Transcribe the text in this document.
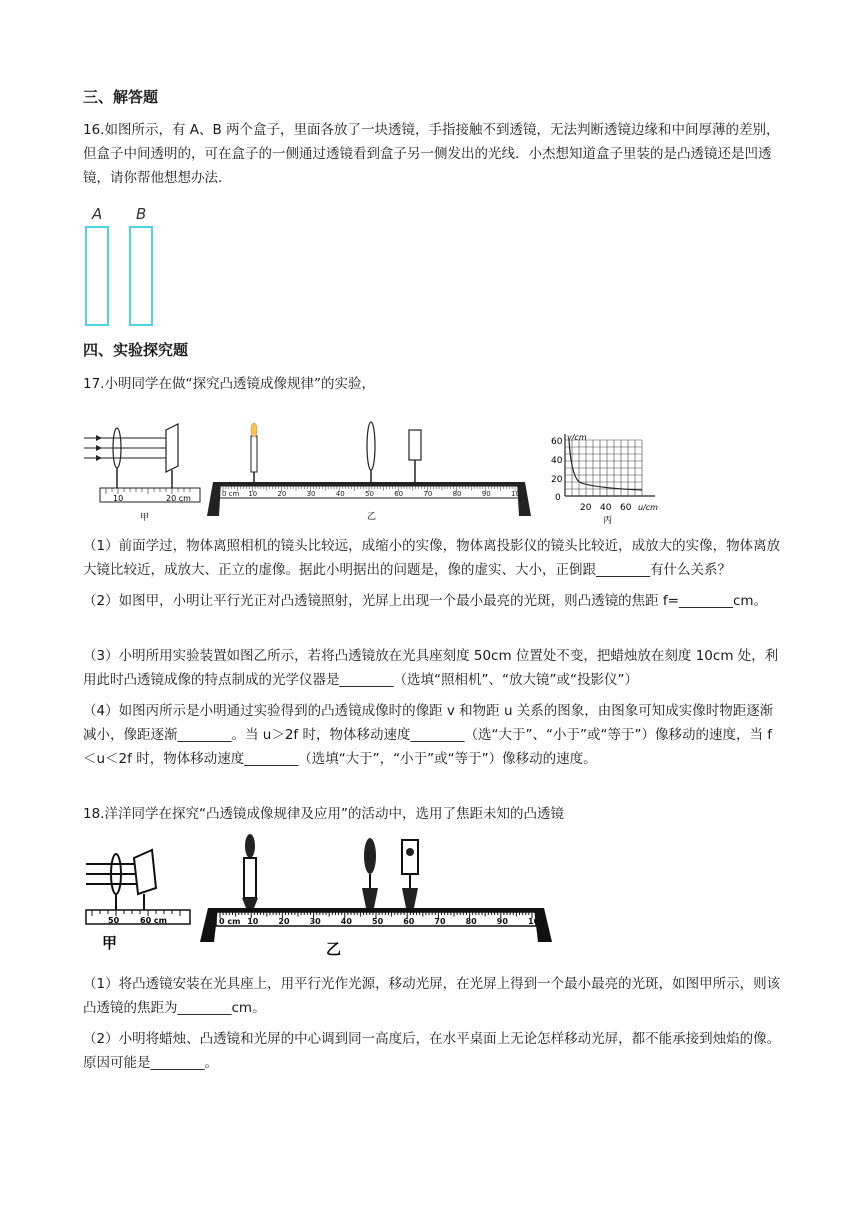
三、解答题
16.如图所示，有 A、B 两个盒子，里面各放了一块透镜，手指接触不到透镜，无法判断透镜边缘和中间厚薄的差别，但盒子中间透明的，可在盒子的一侧通过透镜看到盒子另一侧发出的光线．小杰想知道盒子里装的是凸透镜还是凹透镜，请你帮他想想办法．
A B
四、实验探究题
17.小明同学在做“探究凸透镜成像规律”的实验，
10	20 cm
甲
0 cm 10	20	30	40	50	60	70	80	90	100
乙
v/cm
60
40
20
0
20 40 60 u/cm
丙
（1）前面学过，物体离照相机的镜头比较远，成缩小的实像，物体离投影仪的镜头比较近，成放大的实像，物体离放大镜比较近，成放大、正立的虚像。据此小明据出的问题是，像的虚实、大小，正倒跟________有什么关系？
（2）如图甲，小明让平行光正对凸透镜照射，光屏上出现一个最小最亮的光斑，则凸透镜的焦距 f=________cm。
（3）小明所用实验装置如图乙所示，若将凸透镜放在光具座刻度 50cm 位置处不变，把蜡烛放在刻度 10cm 处，利用此时凸透镜成像的特点制成的光学仪器是________（选填“照相机”、“放大镜”或“投影仪”）
（4）如图丙所示是小明通过实验得到的凸透镜成像时的像距 v 和物距 u 关系的图象，由图象可知成实像时物距逐渐减小，像距逐渐________。当 u＞2f 时，物体移动速度________（选“大于”、“小于”或“等于”）像移动的速度，当 f＜u＜2f 时，物体移动速度________（选填“大于”，“小于”或“等于”）像移动的速度。
18.洋洋同学在探究“凸透镜成像规律及应用”的活动中，选用了焦距未知的凸透镜
50	60 cm
甲
0 cm 10	20	30	40	50	60	70	80	90	100
乙
（1）将凸透镜安装在光具座上，用平行光作光源，移动光屏，在光屏上得到一个最小最亮的光斑，如图甲所示，则该凸透镜的焦距为________cm。
（2）小明将蜡烛、凸透镜和光屏的中心调到同一高度后，在水平桌面上无论怎样移动光屏，都不能承接到烛焰的像。原因可能是________。
